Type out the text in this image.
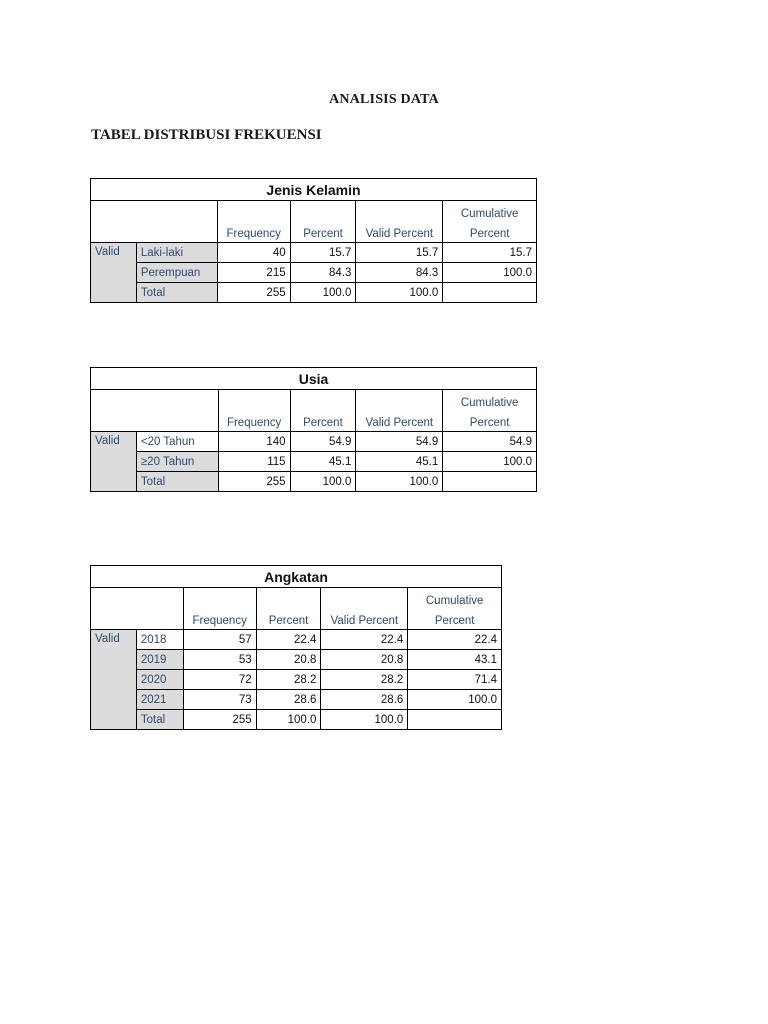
ANALISIS DATA
TABEL DISTRIBUSI FREKUENSI
Jenis Kelamin					
					Cumulative
		Frequency	Percent	Valid Percent	Percent
Valid	Laki-laki	40	15.7	15.7	15.7
	Perempuan	215	84.3	84.3	100.0
	Total	255	100.0	100.0	
Usia					
					Cumulative
		Frequency	Percent	Valid Percent	Percent
Valid	<20 Tahun	140	54.9	54.9	54.9
	≥20 Tahun	115	45.1	45.1	100.0
	Total	255	100.0	100.0	
Angkatan					
					Cumulative
		Frequency	Percent	Valid Percent	Percent
Valid	2018	57	22.4	22.4	22.4
	2019	53	20.8	20.8	43.1
	2020	72	28.2	28.2	71.4
	2021	73	28.6	28.6	100.0
	Total	255	100.0	100.0	
